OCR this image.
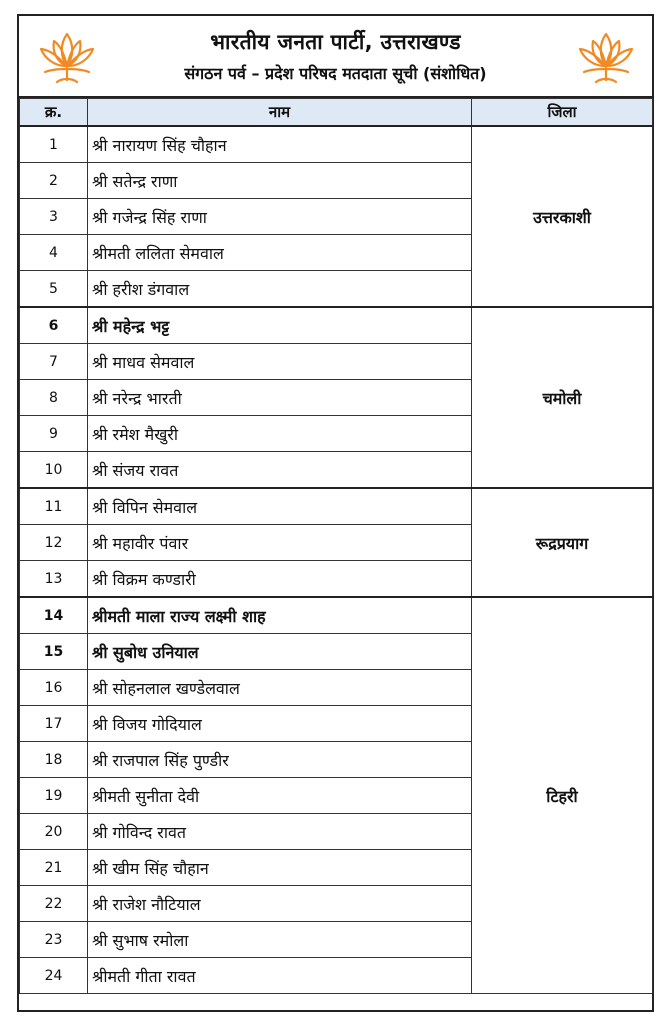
भारतीय जनता पार्टी, उत्तराखण्ड
संगठन पर्व – प्रदेश परिषद मतदाता सूची (संशोधित)
क्र.	नाम	जिला
1	श्री नारायण सिंह चौहान	उत्तरकाशी
2	श्री सतेन्द्र राणा	
3	श्री गजेन्द्र सिंह राणा	
4	श्रीमती ललिता सेमवाल	
5	श्री हरीश डंगवाल	
6	श्री महेन्द्र भट्ट	चमोली
7	श्री माधव सेमवाल	
8	श्री नरेन्द्र भारती	
9	श्री रमेश मैखुरी	
10	श्री संजय रावत	
11	श्री विपिन सेमवाल	रूद्रप्रयाग
12	श्री महावीर पंवार	
13	श्री विक्रम कण्डारी	
14	श्रीमती माला राज्य लक्ष्मी शाह	टिहरी
15	श्री सुबोध उनियाल	
16	श्री सोहनलाल खण्डेलवाल	
17	श्री विजय गोदियाल	
18	श्री राजपाल सिंह पुण्डीर	
19	श्रीमती सुनीता देवी	
20	श्री गोविन्द रावत	
21	श्री खीम सिंह चौहान	
22	श्री राजेश नौटियाल	
23	श्री सुभाष रमोला	
24	श्रीमती गीता रावत	
